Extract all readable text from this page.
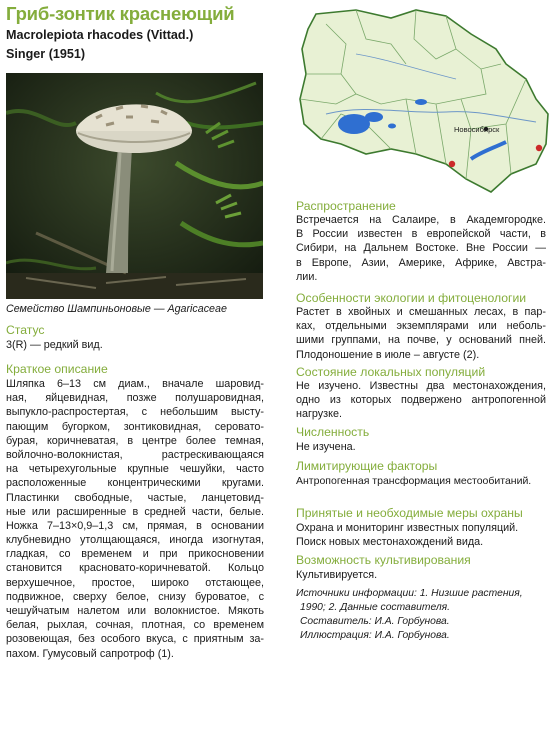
Гриб-зонтик краснеющий
Macrolepiota rhacodes (Vittad.)
Singer (1951)
Семейство Шампиньоновые — Agaricaceae
Статус
3(R) — редкий вид.
Краткое описание
Шляпка 6–13 см диам., вначале шаровид-
ная, яйцевидная, позже полушаровидная,
выпукло-распростертая, с небольшим высту-
пающим бугорком, зонтиковидная, серовато-
бурая, коричневатая, в центре более темная,
войлочно-волокнистая, растрескивающаяся
на четырехугольные крупные чешуйки, часто
расположенные концентрическими кругами.
Пластинки свободные, частые, ланцетовид-
ные или расширенные в средней части, белые.
Ножка 7–13×0,9–1,3 см, прямая, в основании
клубневидно утолщающаяся, иногда изогнутая,
гладкая, со временем и при прикосновении
становится красновато-коричневатой. Кольцо
верхушечное, простое, широко отстающее,
подвижное, сверху белое, снизу буроватое, с
чешуйчатым налетом или волокнистое. Мякоть
белая, рыхлая, сочная, плотная, со временем
розовеющая, без особого вкуса, с приятным за-
пахом. Гумусовый сапротроф (1).
Новосибирск
Распространение
Встречается на Салаире, в Академгородке.
В России известен в европейской части, в
Сибири, на Дальнем Востоке. Вне России —
в Европе, Азии, Америке, Африке, Австра-
лии.
Особенности экологии и фитоценологии
Растет в хвойных и смешанных лесах, в пар-
ках, отдельными экземплярами или неболь-
шими группами, на почве, у оснований пней.
Плодоношение в июле – августе (2).
Состояние локальных популяций
Не изучено. Известны два местонахождения,
одно из которых подвержено антропогенной
нагрузке.
Численность
Не изучена.
Лимитирующие факторы
Антропогенная трансформация местообитаний.
Принятые и необходимые меры охраны
Охрана и мониторинг известных популяций.
Поиск новых местонахождений вида.
Возможность культивирования
Культивируется.
Источники информации: 1. Низшие растения,
1990; 2. Данные составителя.
Составитель: И.А. Горбунова.
Иллюстрация: И.А. Горбунова.
